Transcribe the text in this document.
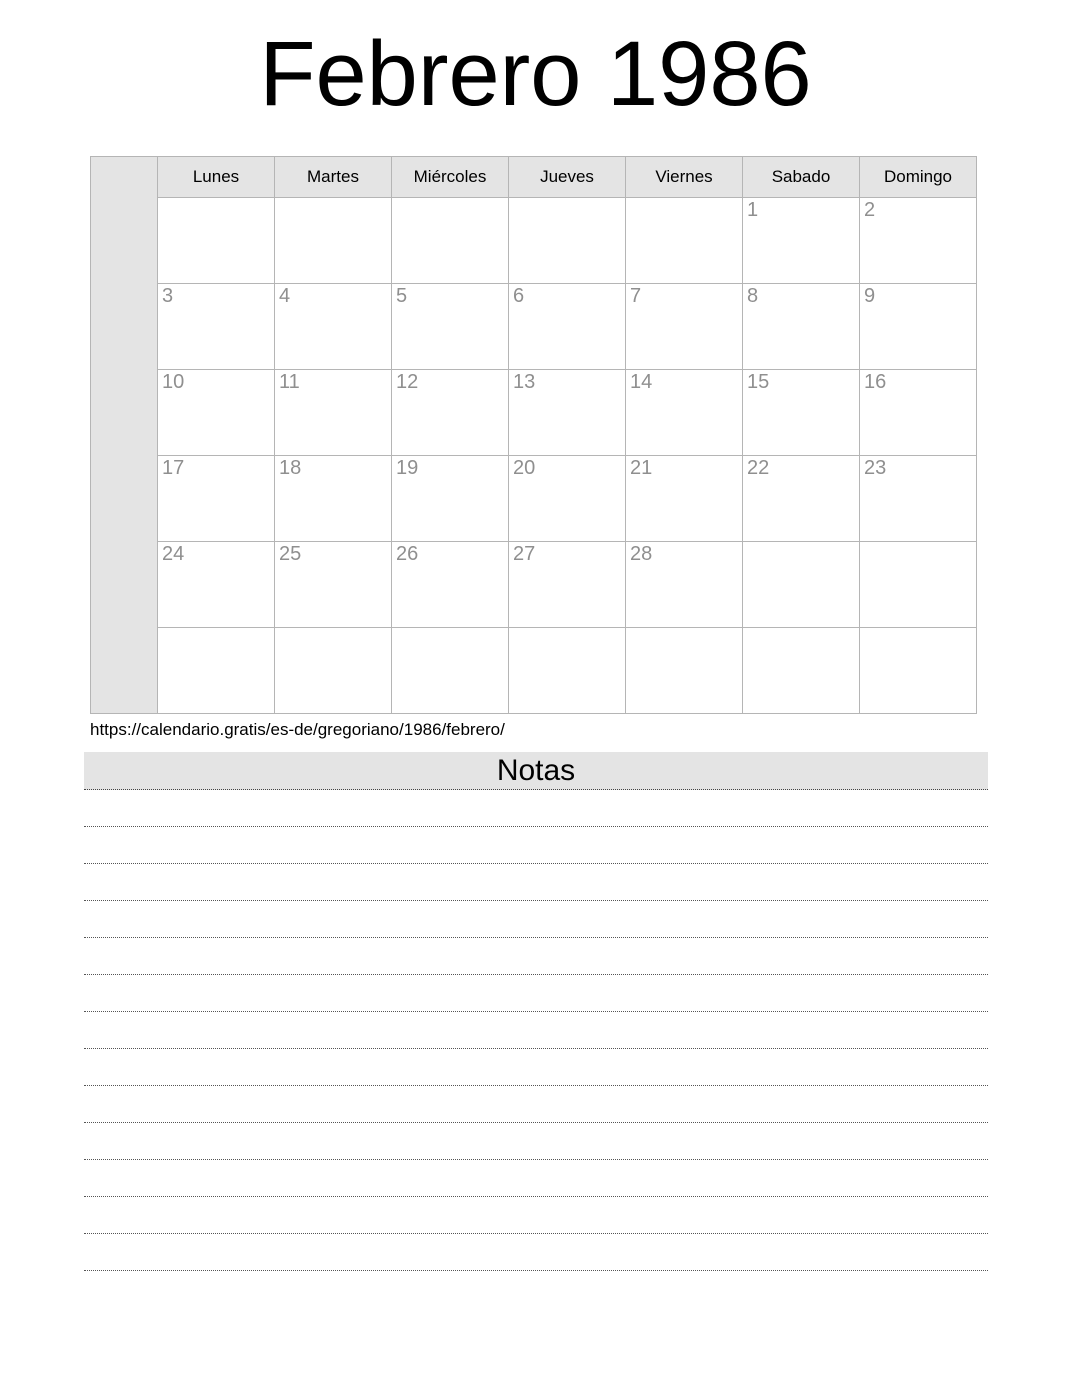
Febrero 1986
	Lunes	Martes	Miércoles	Jueves	Viernes	Sabado	Domingo
						1	2
	3	4	5	6	7	8	9
	10	11	12	13	14	15	16
	17	18	19	20	21	22	23
	24	25	26	27	28		

https://calendario.gratis/es-de/gregoriano/1986/febrero/
Notas
